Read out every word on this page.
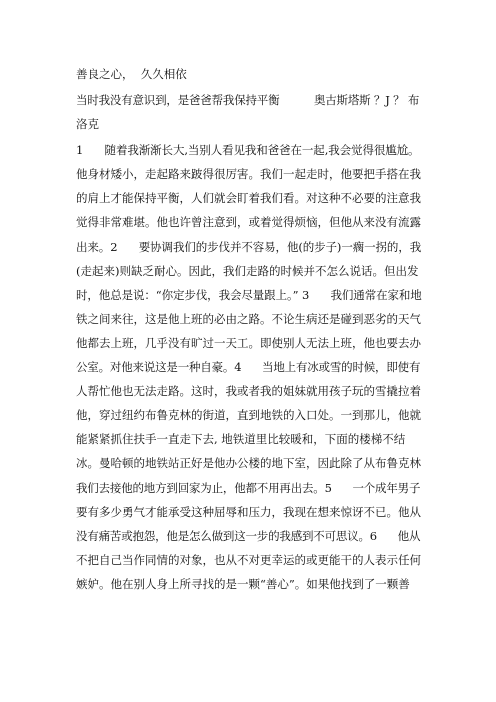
善良之心，  久久相依

当时我没有意识到，是爸爸帮我保持平衡          奥古斯塔斯 ？J ？ 布

洛克

1      随着我渐渐长大,当别人看见我和爸爸在一起,我会觉得很尴尬。

他身材矮小，走起路来跛得很厉害。我们一起走时，他要把手搭在我

的肩上才能保持平衡，人们就会盯着我们看。对这种不必要的注意我

觉得非常难堪。他也许曾注意到，或着觉得烦恼，但他从来没有流露

出来。2      要协调我们的步伐并不容易，他(的步子)一瘸一拐的，我

(走起来)则缺乏耐心。因此，我们走路的时候并不怎么说话。但出发

时，他总是说：“你定步伐，我会尽量跟上。” 3      我们通常在家和地

铁之间来往，这是他上班的必由之路。不论生病还是碰到恶劣的天气

他都去上班，几乎没有旷过一天工。即使别人无法上班，他也要去办

公室。对他来说这是一种自豪。4      当地上有冰或雪的时候，即使有

人帮忙他也无法走路。这时，我或者我的姐妹就用孩子玩的雪撬拉着

他，穿过纽约布鲁克林的街道，直到地铁的入口处。一到那儿，他就

能紧紧抓住扶手一直走下去, 地铁道里比较暖和，下面的楼梯不结

冰。曼哈顿的地铁站正好是他办公楼的地下室，因此除了从布鲁克林

我们去接他的地方到回家为止，他都不用再出去。5      一个成年男子

要有多少勇气才能承受这种屈辱和压力，我现在想来惊讶不已。他从

没有痛苦或抱怨，他是怎么做到这一步的我感到不可思议。6      他从

不把自己当作同情的对象，也从不对更幸运的或更能干的人表示任何

嫉妒。他在别人身上所寻找的是一颗“善心”。如果他找到了一颗善
